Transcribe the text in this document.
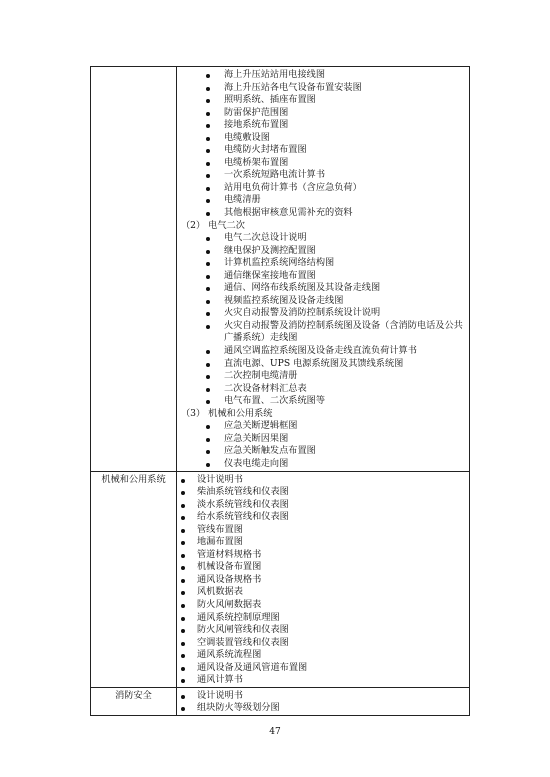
海上升压站站用电接线图
海上升压站各电气设备布置安装图
照明系统、插座布置图
防雷保护范围图
接地系统布置图
电缆敷设图
电缆防火封堵布置图
电缆桥架布置图
一次系统短路电流计算书
站用电负荷计算书（含应急负荷）
电缆清册
其他根据审核意见需补充的资料
（2） 电气二次
电气二次总设计说明
继电保护及测控配置图
计算机监控系统网络结构图
通信继保室接地布置图
通信、网络布线系统图及其设备走线图
视频监控系统图及设备走线图
火灾自动报警及消防控制系统设计说明
火灾自动报警及消防控制系统图及设备（含消防电话及公共广播系统）走线图
通风空调监控系统图及设备走线直流负荷计算书
直流电源、UPS 电源系统图及其馈线系统图
二次控制电缆清册
二次设备材料汇总表
电气布置、二次系统图等
（3） 机械和公用系统
应急关断逻辑框图
应急关断因果图
应急关断触发点布置图
仪表电缆走向图
机械和公用系统	设计说明书
柴油系统管线和仪表图
淡水系统管线和仪表图
给水系统管线和仪表图
管线布置图
地漏布置图
管道材料规格书
机械设备布置图
通风设备规格书
风机数据表
防火风闸数据表
通风系统控制原理图
防火风闸管线和仪表图
空调装置管线和仪表图
通风系统流程图
通风设备及通风管道布置图
通风计算书
消防安全	设计说明书
组块防火等级划分图
47
